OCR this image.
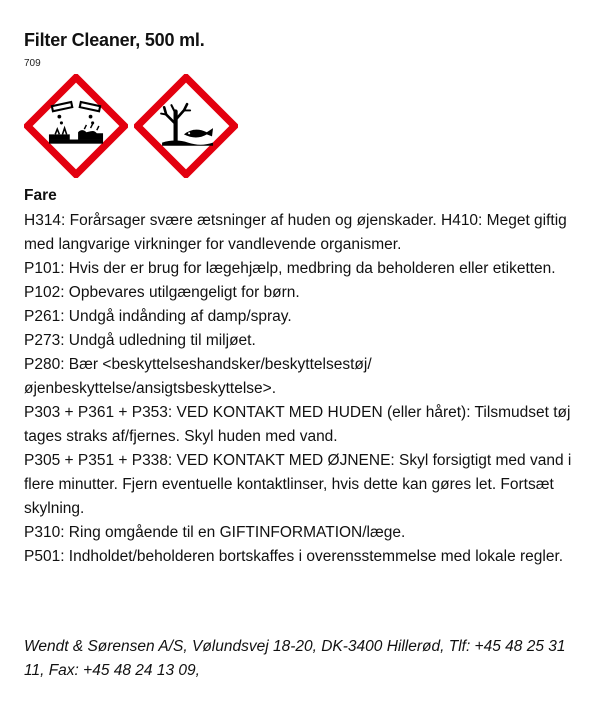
Filter Cleaner, 500 ml.
709
Fare

H314: Forårsager svære ætsninger af huden og øjenskader. H410: Meget giftig med langvarige virkninger for vandlevende organismer.

P101: Hvis der er brug for lægehjælp, medbring da beholderen eller etiketten.

P102: Opbevares utilgængeligt for børn.

P261: Undgå indånding af damp/spray.

P273: Undgå udledning til miljøet.

P280: Bær <beskyttelseshandsker/beskyttelsestøj/ øjenbeskyttelse/ansigtsbeskyttelse>.

P303 + P361 + P353: VED KONTAKT MED HUDEN (eller håret): Tilsmudset tøj tages straks af/fjernes. Skyl huden med vand.

P305 + P351 + P338: VED KONTAKT MED ØJNENE: Skyl forsigtigt med vand i flere minutter. Fjern eventuelle kontaktlinser, hvis dette kan gøres let. Fortsæt skylning.

P310: Ring omgående til en GIFTINFORMATION/læge.

P501: Indholdet/beholderen bortskaffes i overensstemmelse med lokale regler.

Wendt & Sørensen A/S, Vølundsvej 18-20, DK-3400 Hillerød, Tlf: +45 48 25 31 11, Fax: +45 48 24 13 09,
